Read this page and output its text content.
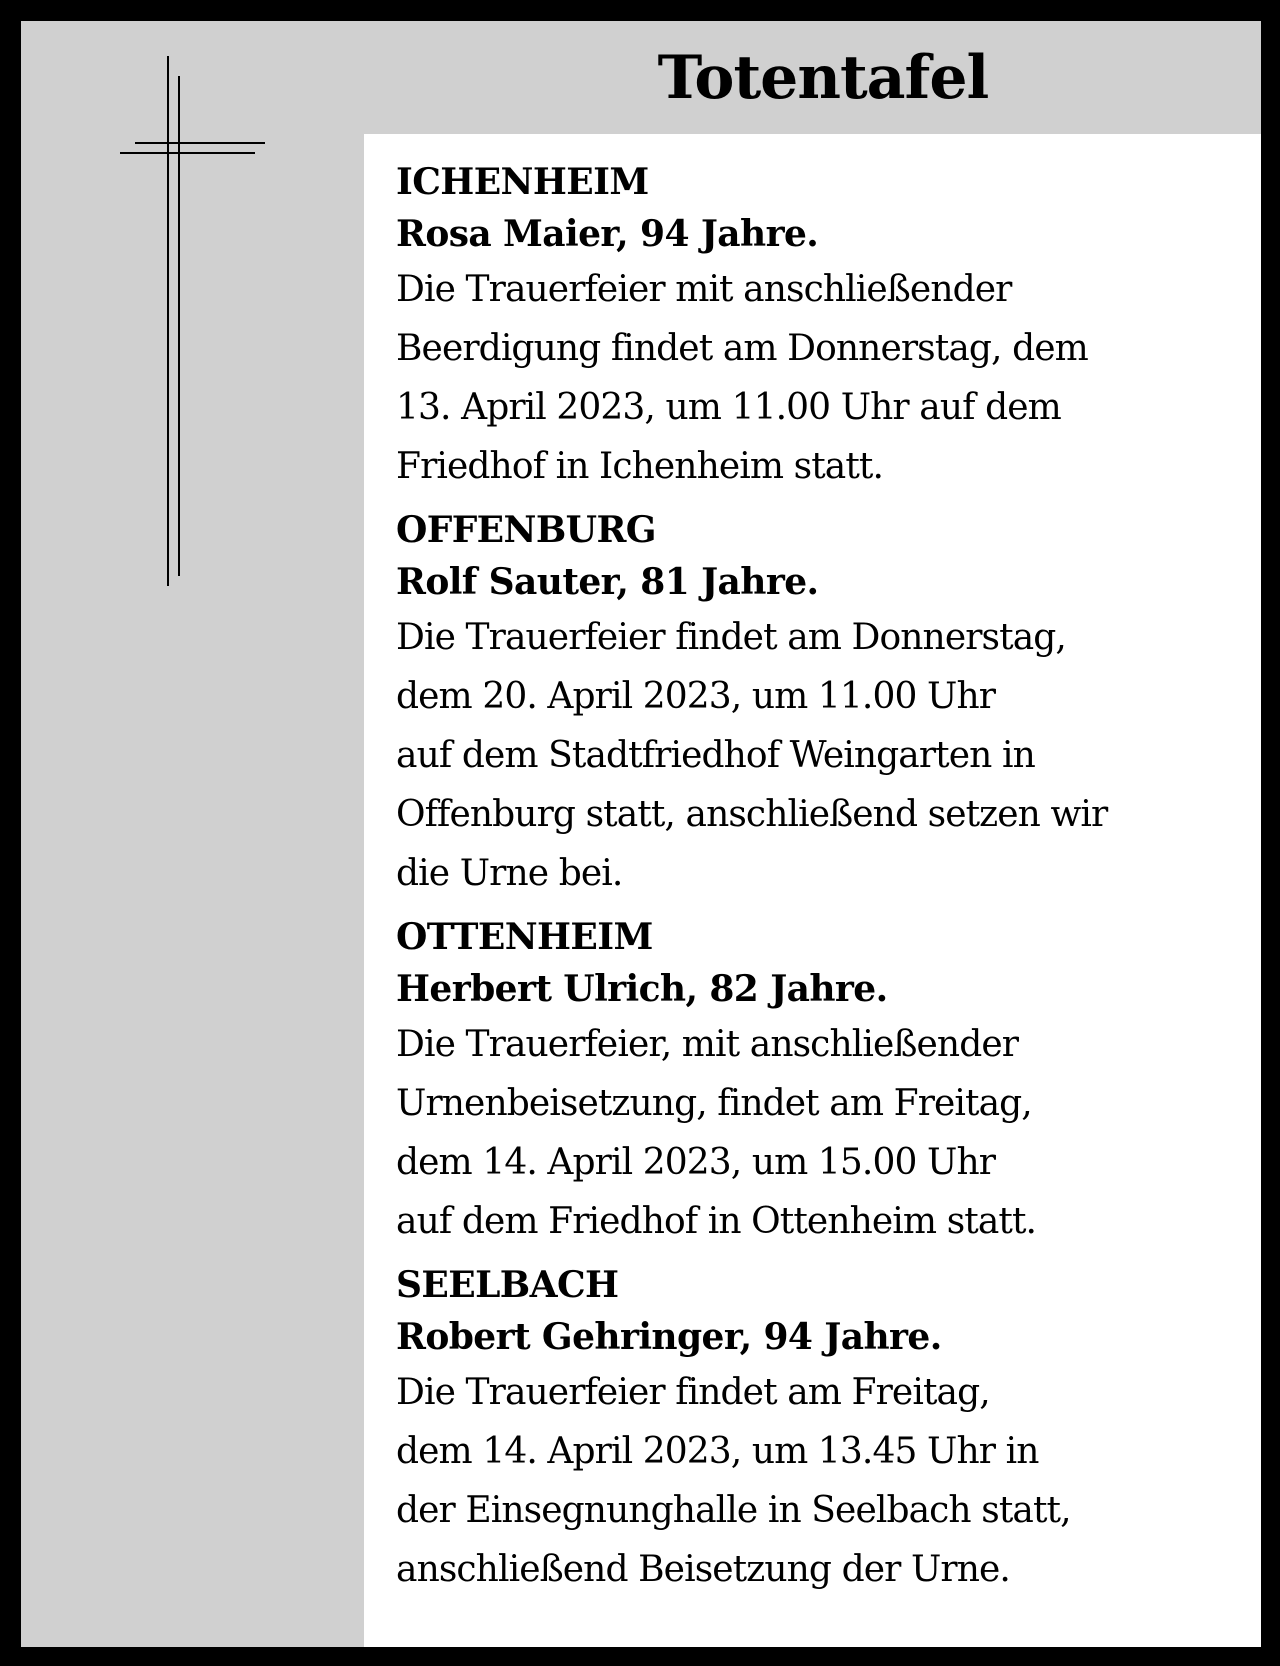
Totentafel
ICHENHEIM
Rosa Maier, 94 Jahre.
Die Trauerfeier mit anschließender
Beerdigung findet am Donnerstag, dem
13. April 2023, um 11.00 Uhr auf dem
Friedhof in Ichenheim statt.
OFFENBURG
Rolf Sauter, 81 Jahre.
Die Trauerfeier findet am Donnerstag,
dem 20. April 2023, um 11.00 Uhr
auf dem Stadtfriedhof Weingarten in
Offenburg statt, anschließend setzen wir
die Urne bei.
OTTENHEIM
Herbert Ulrich, 82 Jahre.
Die Trauerfeier, mit anschließender
Urnenbeisetzung, findet am Freitag,
dem 14. April 2023, um 15.00 Uhr
auf dem Friedhof in Ottenheim statt.
SEELBACH
Robert Gehringer, 94 Jahre.
Die Trauerfeier findet am Freitag,
dem 14. April 2023, um 13.45 Uhr in
der Einsegnunghalle in Seelbach statt,
anschließend Beisetzung der Urne.
